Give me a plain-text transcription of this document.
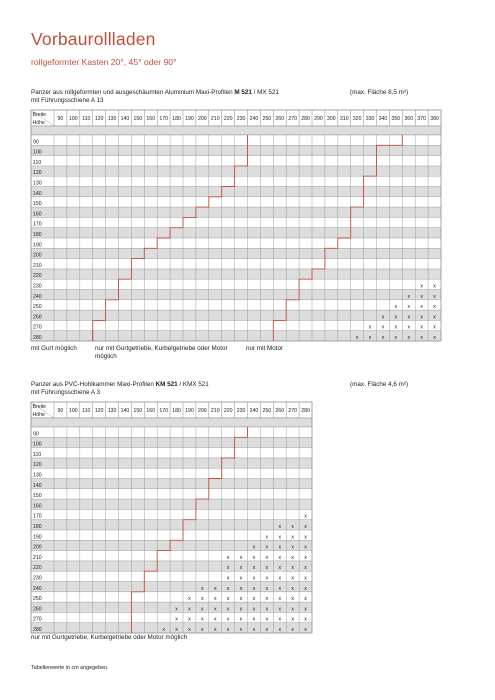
Vorbaurollladen
rollgeformter Kasten 20°, 45° oder 90°
Panzer aus rollgeformten und ausgeschäumten Aluminium Maxi-Profilen M 521 / MX 521
mit Führungsschiene A 13
(max. Fläche 8,5 m²)
Breite
Höhe
90 100 110 120 130 140 150 160 170 180 190 200 210 220 230 240 250 260 270 280 290 300 310 320 330 340 350 360 370 380
90
100
110
120
130
140
150
160
170
180
190
200
210
220
230
240
250
260
270
280
x x
x x x
x x x x
x x x x x
x x x x x x
x x x x x x x
mit Gurt möglich	nur mit Gurtgetriebe, Kurbelgetriebe oder Motor möglich
nur mit Motor
Panzer aus PVC-Hohlkammer Maxi-Profilen KM 521 / KMX 521
mit Führungsschiene A 3
(max. Fläche 4,6 m²)
Breite
Höhe
90 100 110 120 130 140 150 160 170 180 190 200 210 220 230 240 250 260 270 280
90
100
110
120
130
140
150
160
170
180
190
200
210
220
230
240
250
260
270
280
x
x x x
x x x x
x x x x x
x x x x x x x
x x x x x x x
x x x x x x x
x x x x x x x x x
x x x x x x x x x x
x x x x x x x x x x x
x x x x x x x x x x x
x x x x x x x x x x x x
nur mit Gurtgetriebe, Kurbelgetriebe oder Motor möglich
Tabellenwerte in cm angegeben.
